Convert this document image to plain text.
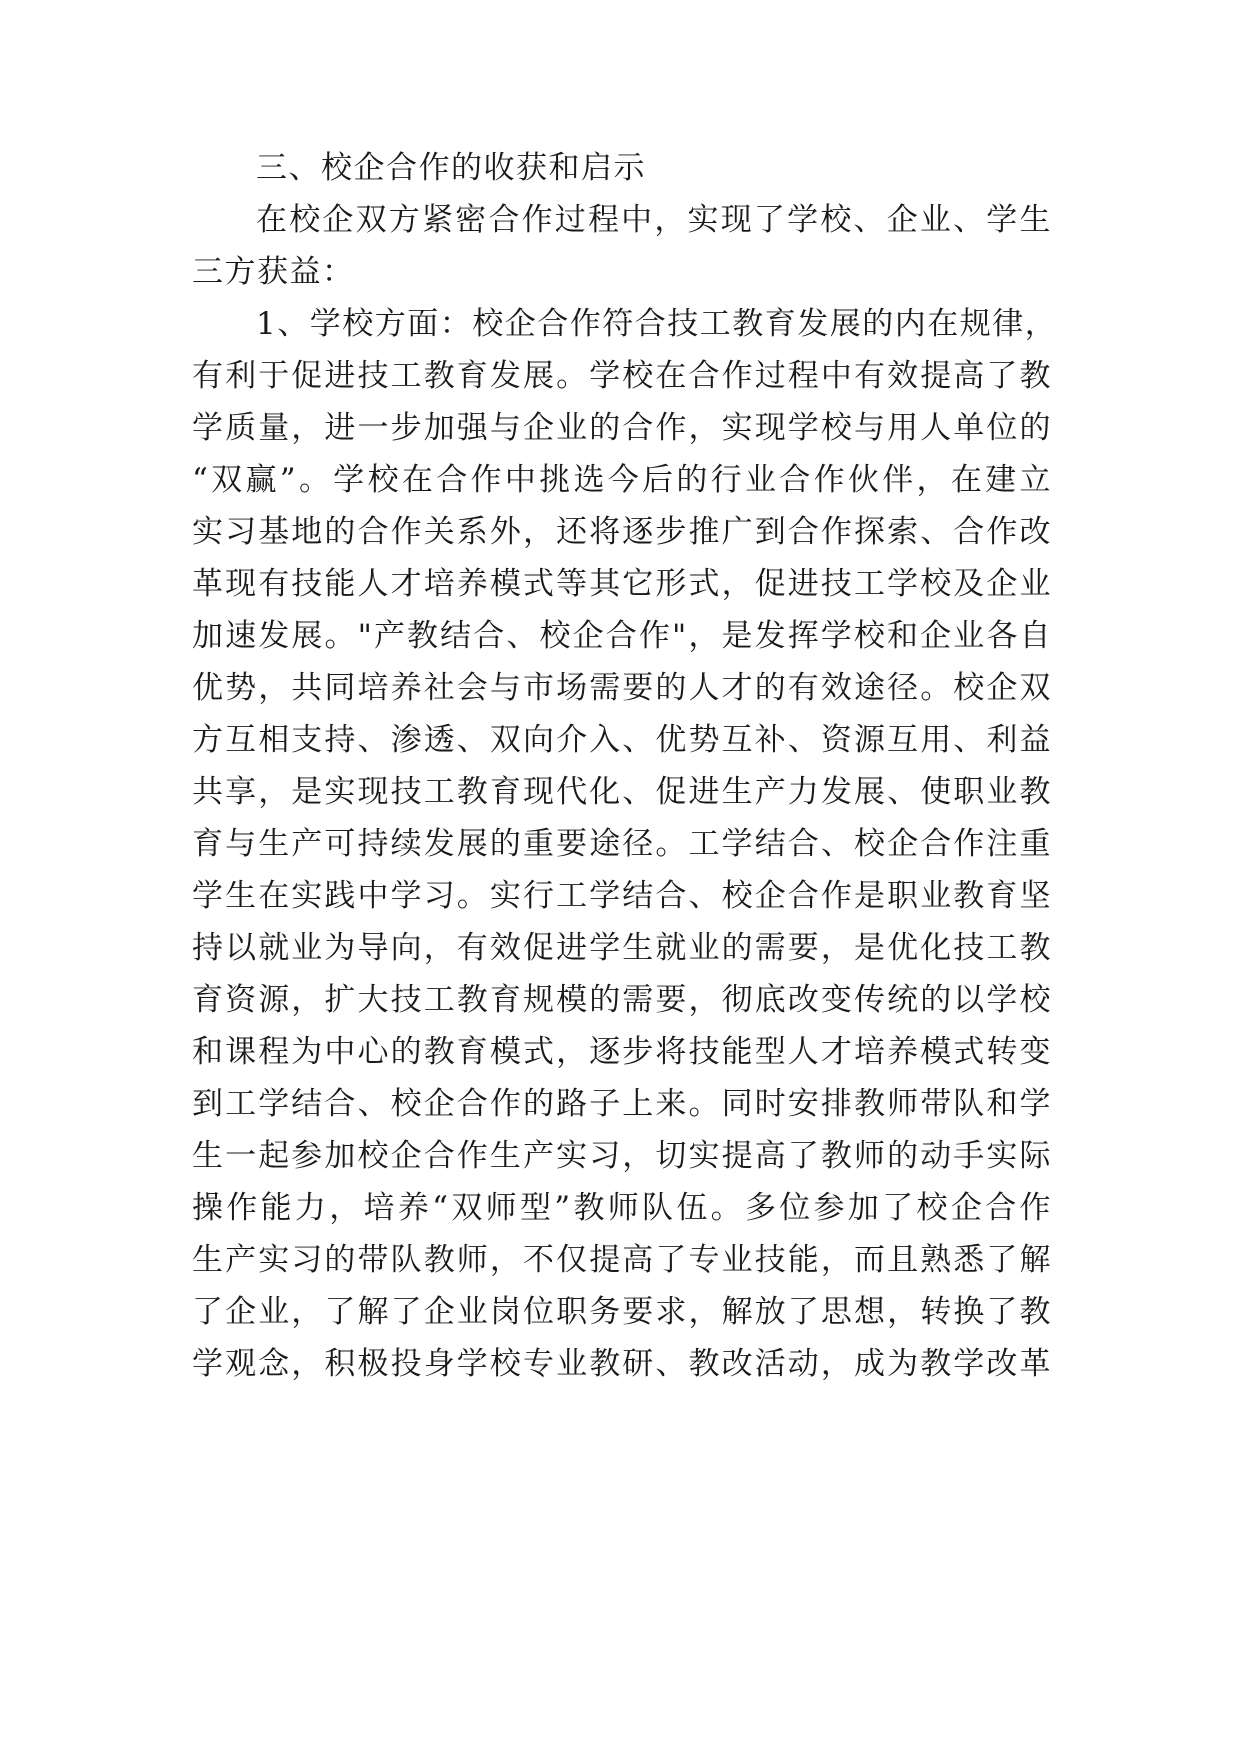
三、校企合作的收获和启示
在校企双方紧密合作过程中，实现了学校、企业、学生
三方获益：
1、学校方面：校企合作符合技工教育发展的内在规律，
有利于促进技工教育发展。学校在合作过程中有效提高了教
学质量，进一步加强与企业的合作，实现学校与用人单位的
“双赢”。学校在合作中挑选今后的行业合作伙伴，在建立
实习基地的合作关系外，还将逐步推广到合作探索、合作改
革现有技能人才培养模式等其它形式，促进技工学校及企业
加速发展。"产教结合、校企合作"，是发挥学校和企业各自
优势，共同培养社会与市场需要的人才的有效途径。校企双
方互相支持、渗透、双向介入、优势互补、资源互用、利益
共享，是实现技工教育现代化、促进生产力发展、使职业教
育与生产可持续发展的重要途径。工学结合、校企合作注重
学生在实践中学习。实行工学结合、校企合作是职业教育坚
持以就业为导向，有效促进学生就业的需要，是优化技工教
育资源，扩大技工教育规模的需要，彻底改变传统的以学校
和课程为中心的教育模式，逐步将技能型人才培养模式转变
到工学结合、校企合作的路子上来。同时安排教师带队和学
生一起参加校企合作生产实习，切实提高了教师的动手实际
操作能力，培养“双师型”教师队伍。多位参加了校企合作
生产实习的带队教师，不仅提高了专业技能，而且熟悉了解
了企业，了解了企业岗位职务要求，解放了思想，转换了教
学观念，积极投身学校专业教研、教改活动，成为教学改革
